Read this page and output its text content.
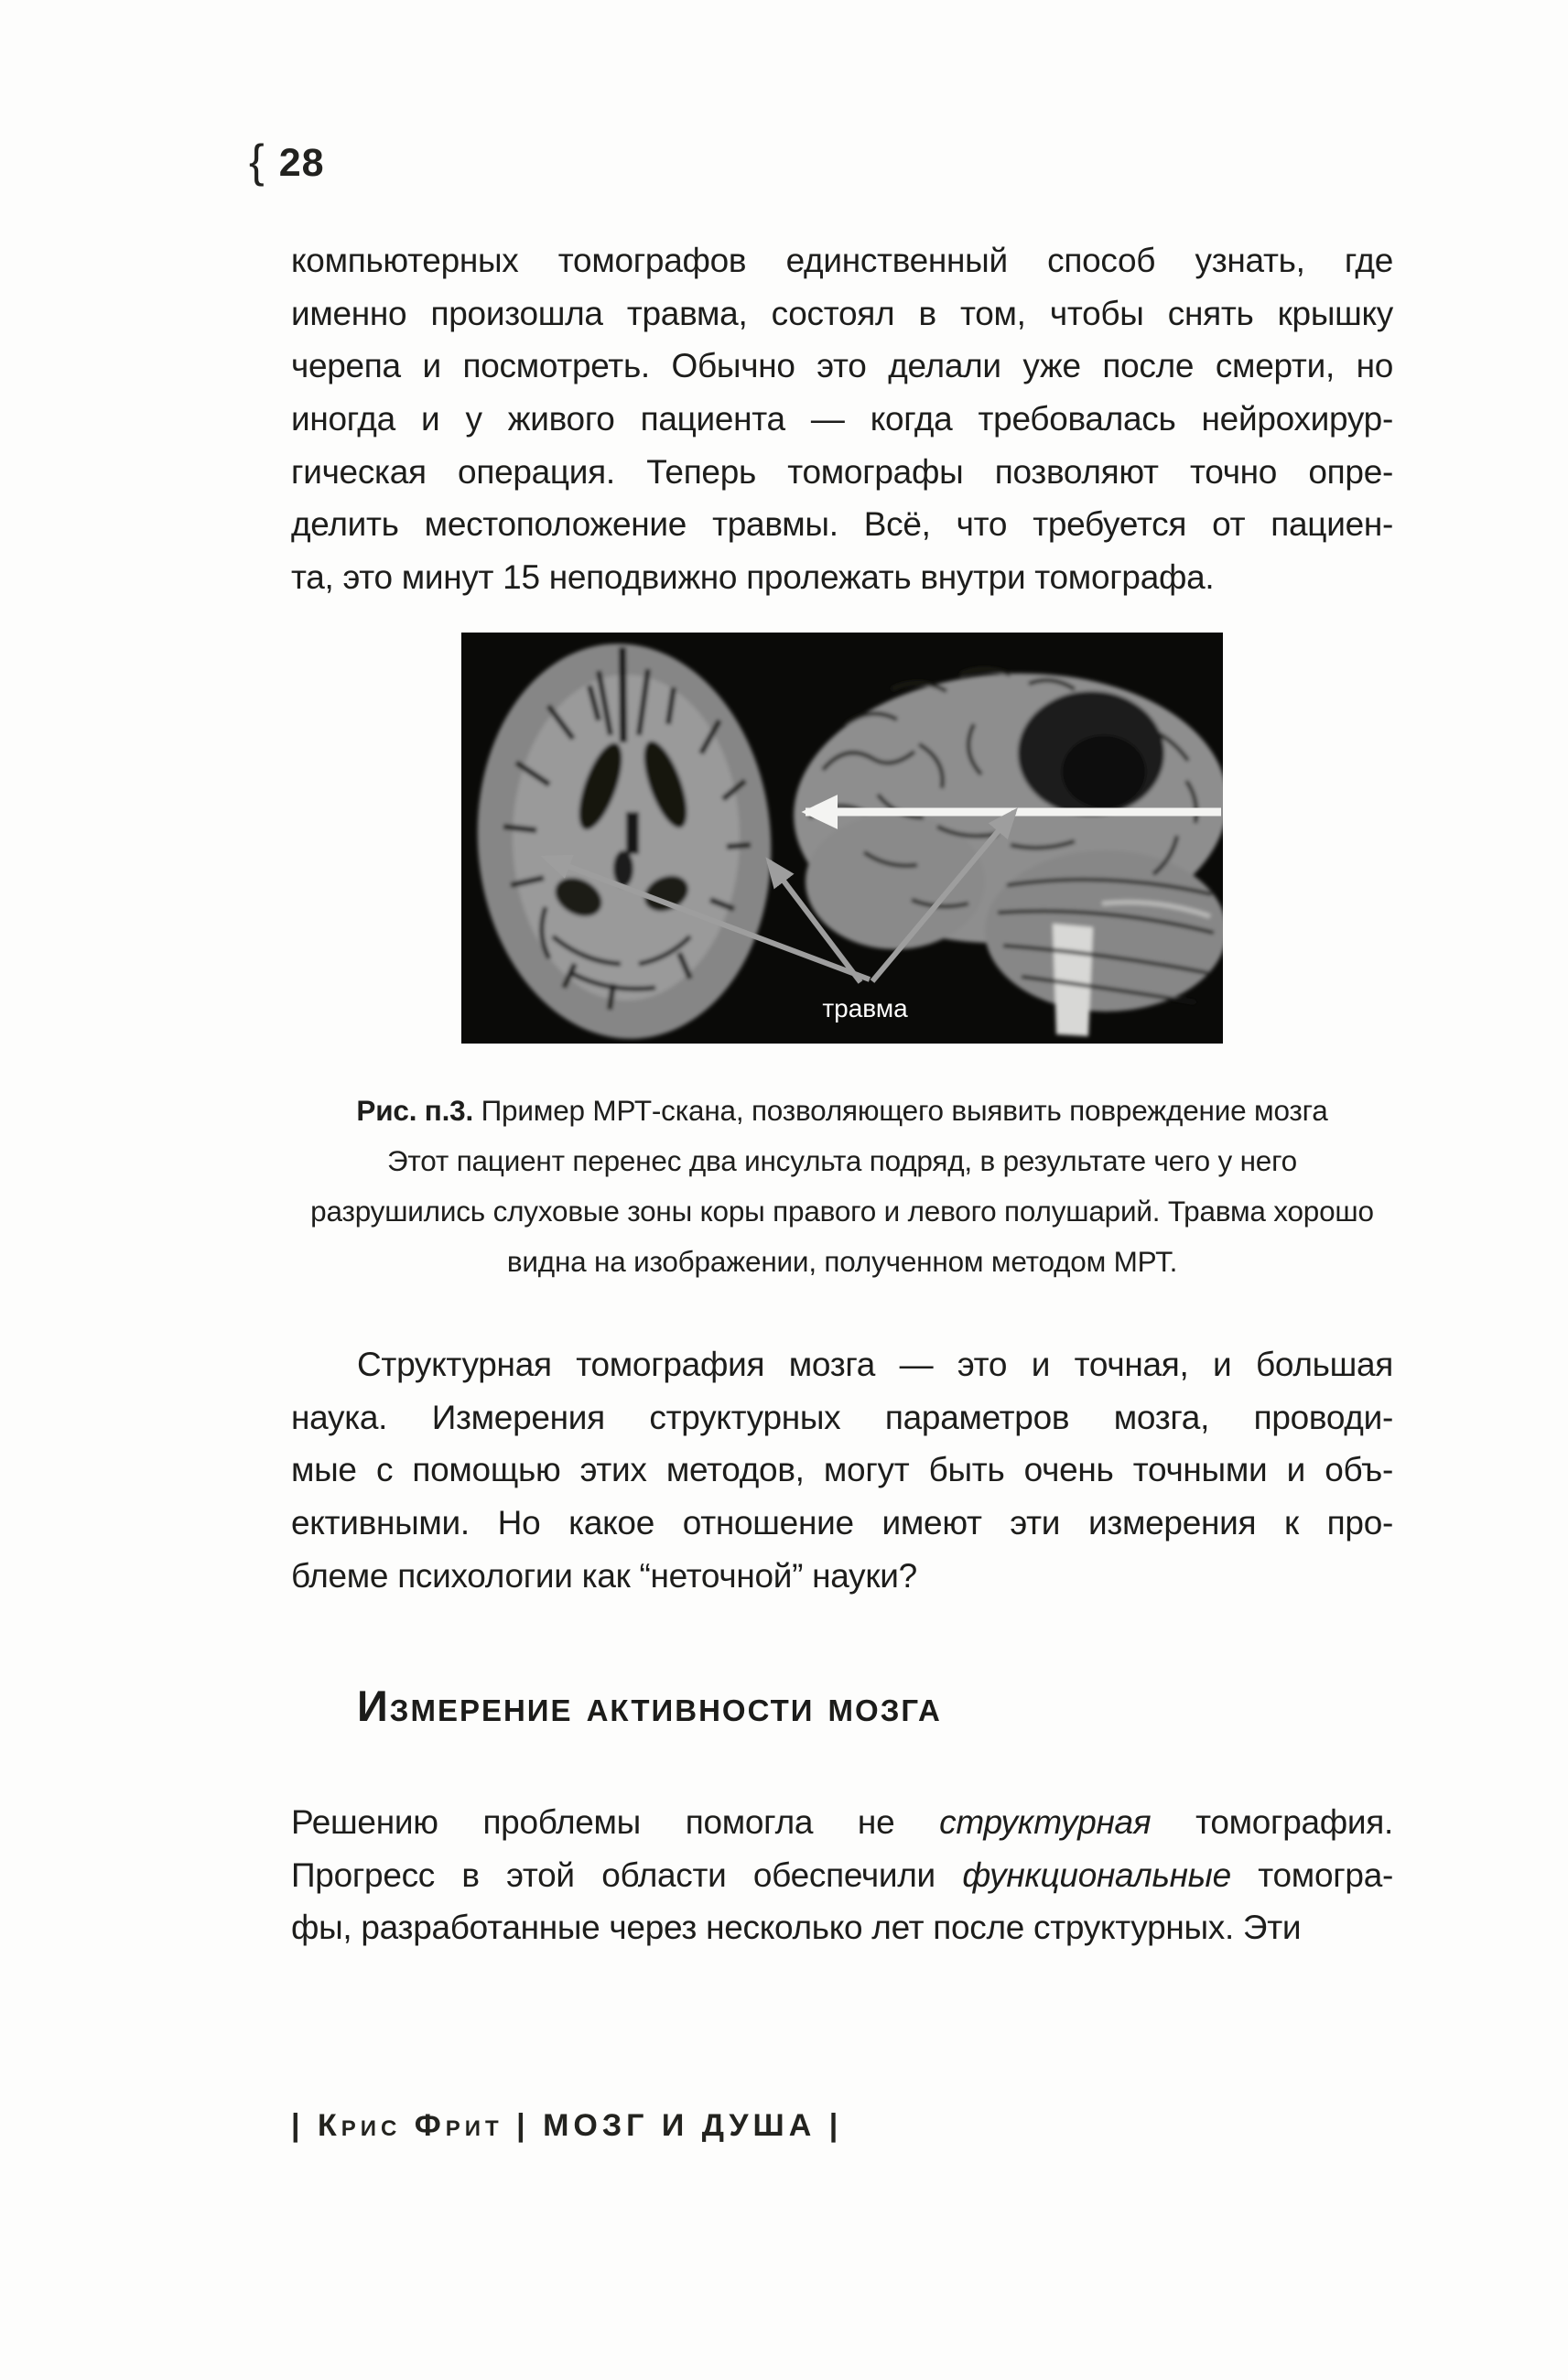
{ 28
компьютерных томографов единственный способ узнать, где
именно произошла травма, состоял в том, чтобы снять крышку
черепа и посмотреть. Обычно это делали уже после смерти, но
иногда и у живого пациента — когда требовалась нейрохирур-
гическая операция. Теперь томографы позволяют точно опре-
делить местоположение травмы. Всё, что требуется от пациен-
та, это минут 15 неподвижно пролежать внутри томографа.
травма
Рис. п.3. Пример МРТ-скана, позволяющего выявить повреждение мозга
Этот пациент перенес два инсульта подряд, в результате чего у него
разрушились слуховые зоны коры правого и левого полушарий. Травма хорошо
видна на изображении, полученном методом МРТ.
Структурная томография мозга — это и точная, и большая
наука. Измерения структурных параметров мозга, проводи-
мые с помощью этих методов, могут быть очень точными и объ-
ективными. Но какое отношение имеют эти измерения к про-
блеме психологии как “неточной” науки?
Измерение активности мозга
Решению проблемы помогла не структурная томография.
Прогресс в этой области обеспечили функциональные томогра-
фы, разработанные через несколько лет после структурных. Эти
| Крис Фрит | МОЗГ И ДУША |
